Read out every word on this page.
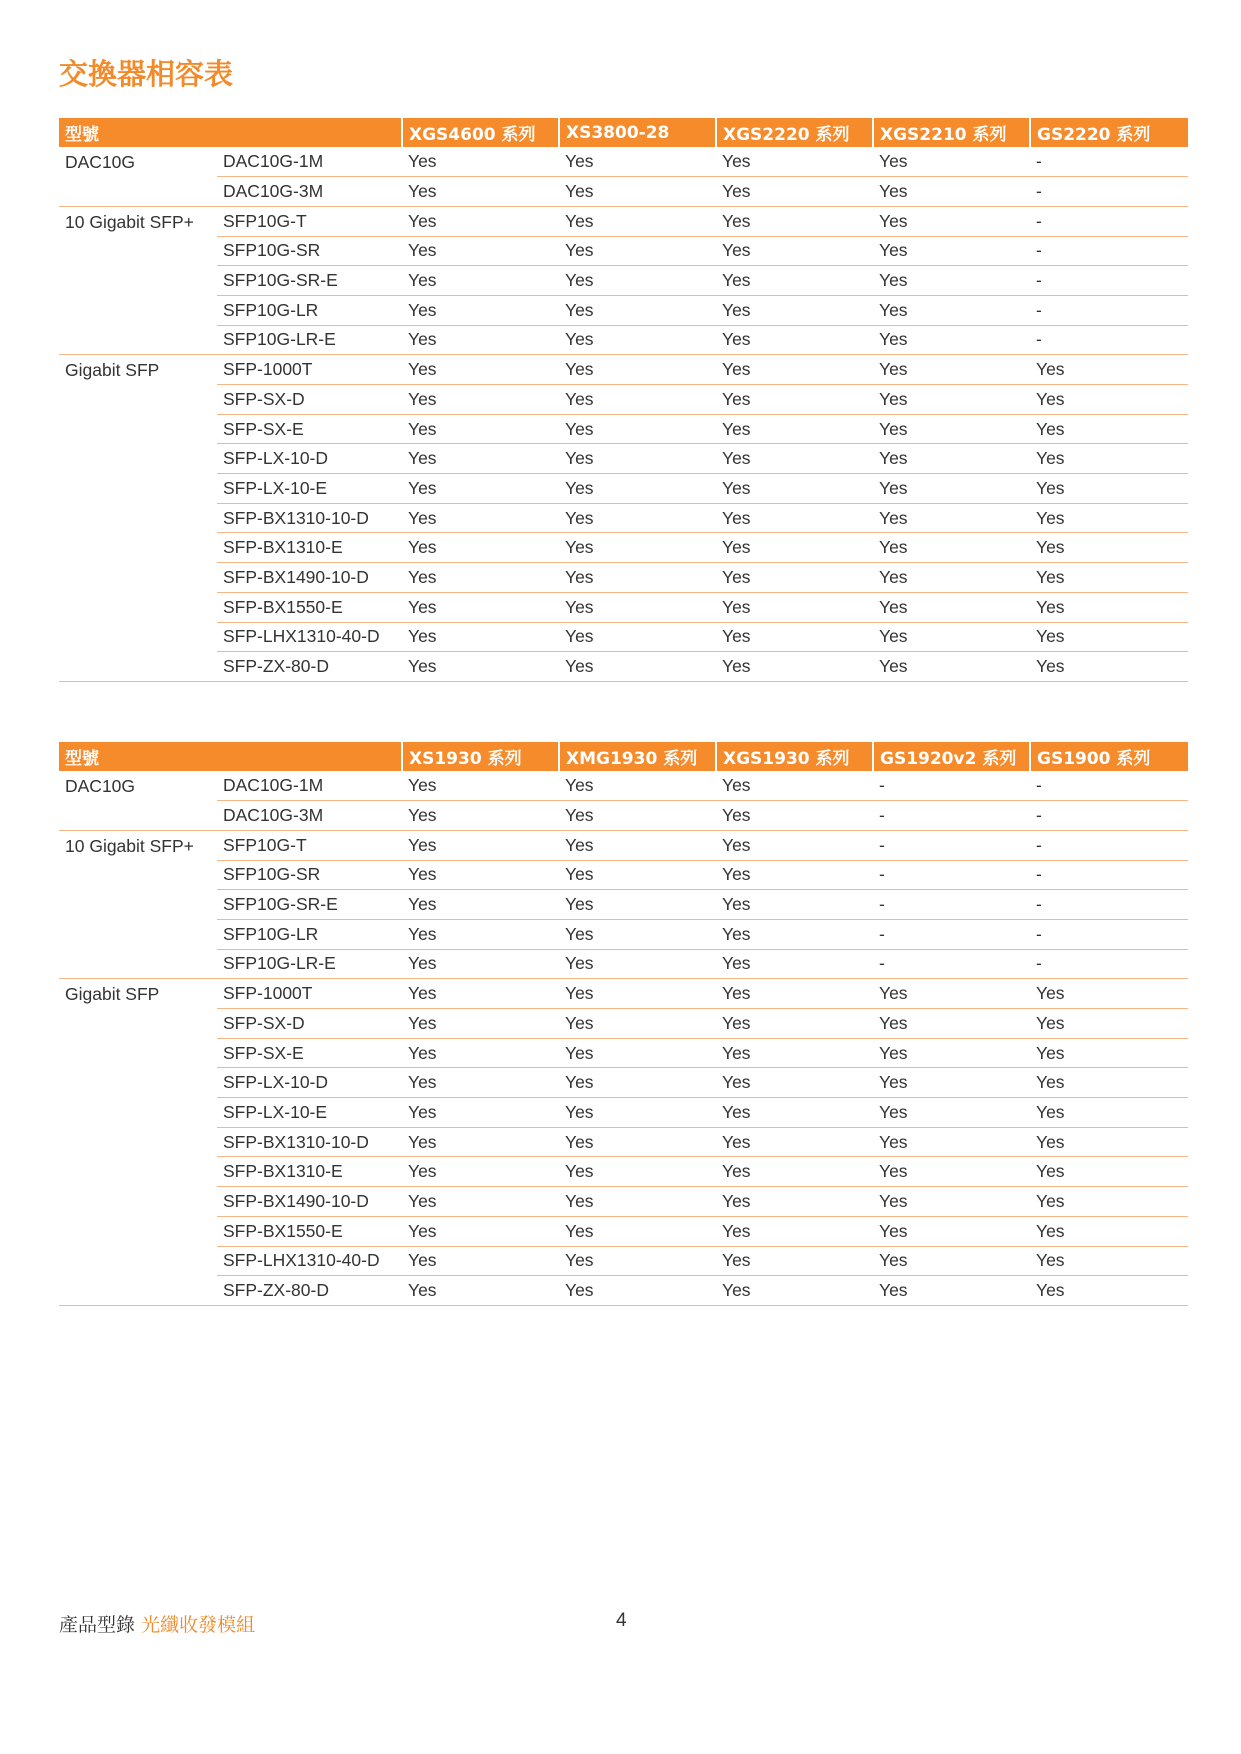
交換器相容表
型號		XGS4600 系列	XS3800-28	XGS2220 系列	XGS2210 系列	GS2220 系列
DAC10G	DAC10G-1M	Yes	Yes	Yes	Yes	-
	DAC10G-3M	Yes	Yes	Yes	Yes	-
10 Gigabit SFP+	SFP10G-T	Yes	Yes	Yes	Yes	-
	SFP10G-SR	Yes	Yes	Yes	Yes	-
	SFP10G-SR-E	Yes	Yes	Yes	Yes	-
	SFP10G-LR	Yes	Yes	Yes	Yes	-
	SFP10G-LR-E	Yes	Yes	Yes	Yes	-
Gigabit SFP	SFP-1000T	Yes	Yes	Yes	Yes	Yes
	SFP-SX-D	Yes	Yes	Yes	Yes	Yes
	SFP-SX-E	Yes	Yes	Yes	Yes	Yes
	SFP-LX-10-D	Yes	Yes	Yes	Yes	Yes
	SFP-LX-10-E	Yes	Yes	Yes	Yes	Yes
	SFP-BX1310-10-D	Yes	Yes	Yes	Yes	Yes
	SFP-BX1310-E	Yes	Yes	Yes	Yes	Yes
	SFP-BX1490-10-D	Yes	Yes	Yes	Yes	Yes
	SFP-BX1550-E	Yes	Yes	Yes	Yes	Yes
	SFP-LHX1310-40-D	Yes	Yes	Yes	Yes	Yes
	SFP-ZX-80-D	Yes	Yes	Yes	Yes	Yes
型號		XS1930 系列	XMG1930 系列	XGS1930 系列	GS1920v2 系列	GS1900 系列
DAC10G	DAC10G-1M	Yes	Yes	Yes	-	-
	DAC10G-3M	Yes	Yes	Yes	-	-
10 Gigabit SFP+	SFP10G-T	Yes	Yes	Yes	-	-
	SFP10G-SR	Yes	Yes	Yes	-	-
	SFP10G-SR-E	Yes	Yes	Yes	-	-
	SFP10G-LR	Yes	Yes	Yes	-	-
	SFP10G-LR-E	Yes	Yes	Yes	-	-
Gigabit SFP	SFP-1000T	Yes	Yes	Yes	Yes	Yes
	SFP-SX-D	Yes	Yes	Yes	Yes	Yes
	SFP-SX-E	Yes	Yes	Yes	Yes	Yes
	SFP-LX-10-D	Yes	Yes	Yes	Yes	Yes
	SFP-LX-10-E	Yes	Yes	Yes	Yes	Yes
	SFP-BX1310-10-D	Yes	Yes	Yes	Yes	Yes
	SFP-BX1310-E	Yes	Yes	Yes	Yes	Yes
	SFP-BX1490-10-D	Yes	Yes	Yes	Yes	Yes
	SFP-BX1550-E	Yes	Yes	Yes	Yes	Yes
	SFP-LHX1310-40-D	Yes	Yes	Yes	Yes	Yes
	SFP-ZX-80-D	Yes	Yes	Yes	Yes	Yes
產品型錄 光纖收發模組	4
